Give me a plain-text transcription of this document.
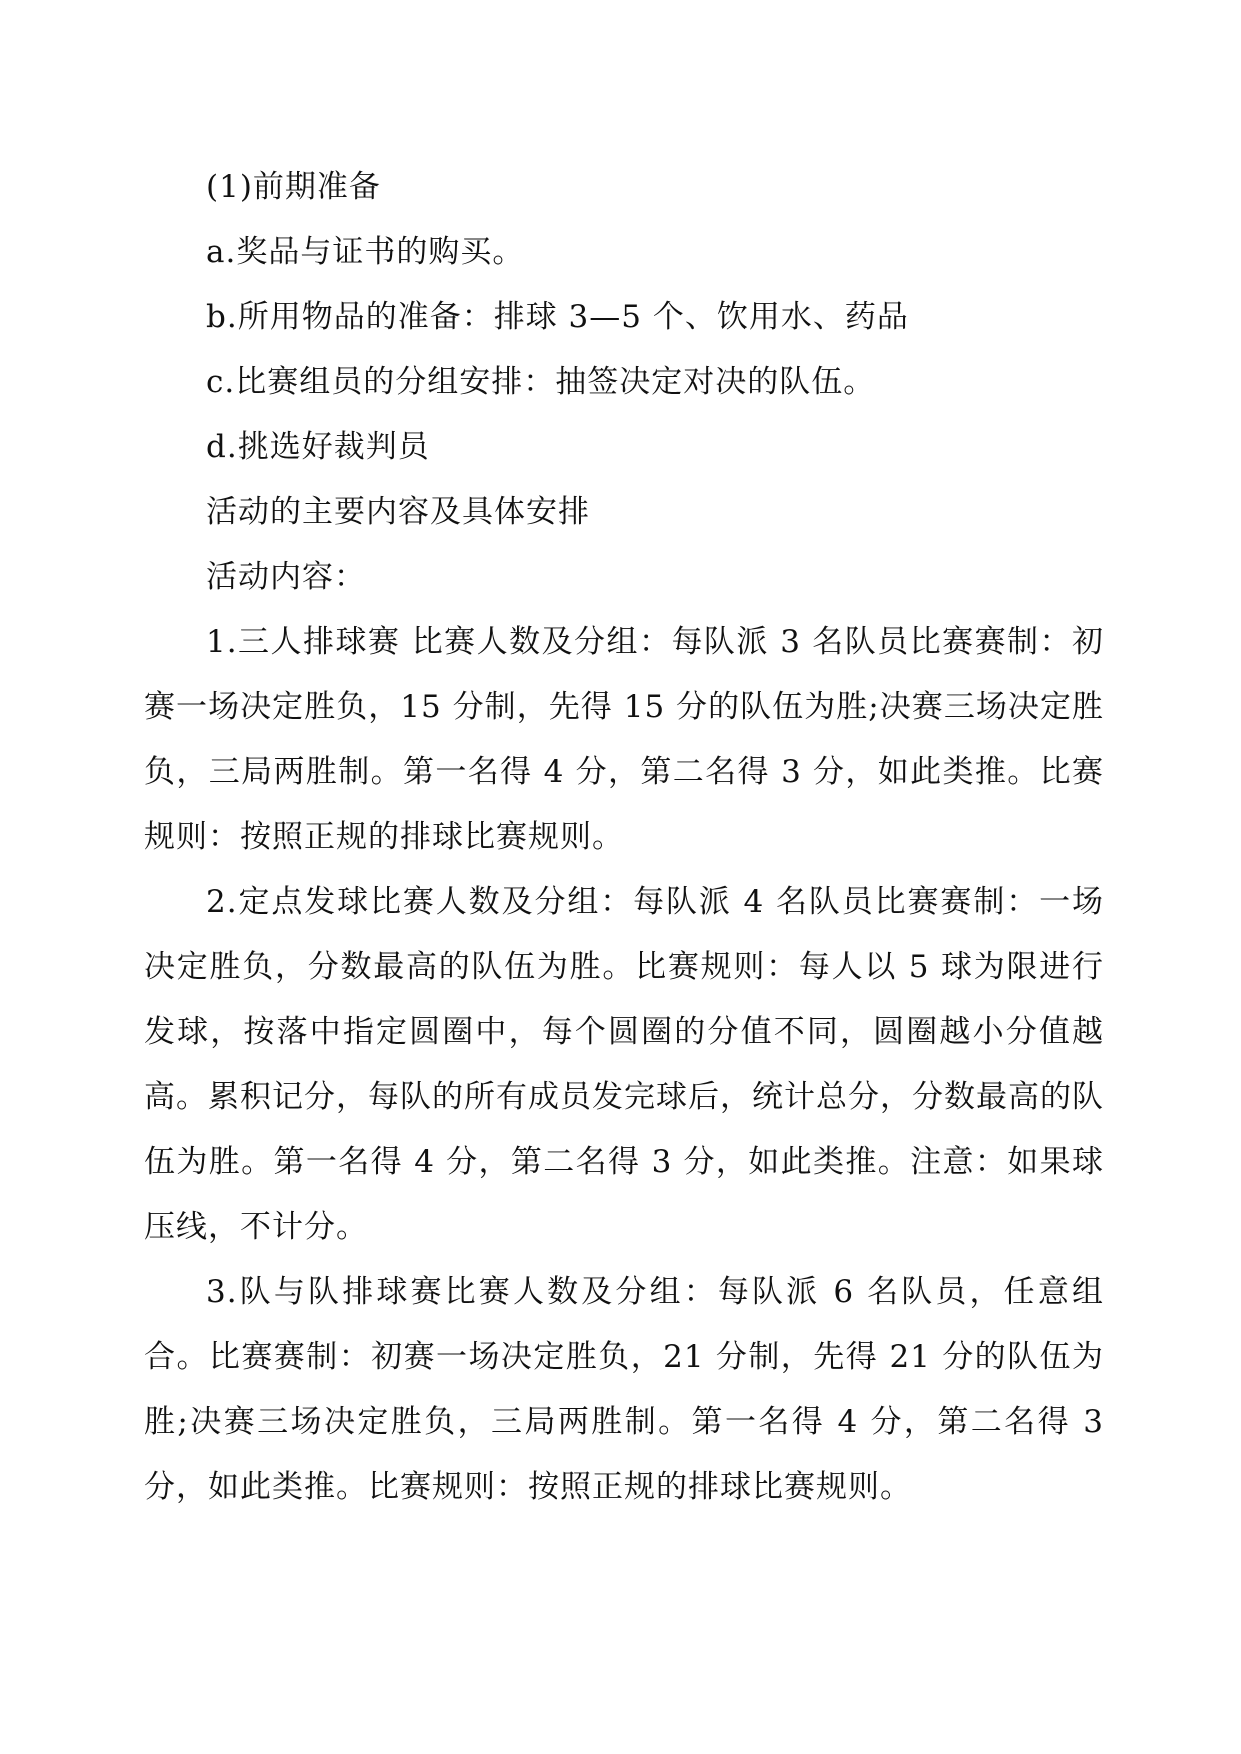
(1)前期准备

a.奖品与证书的购买。

b.所用物品的准备：排球 3—5 个、饮用水、药品

c.比赛组员的分组安排：抽签决定对决的队伍。

d.挑选好裁判员

活动的主要内容及具体安排

活动内容：

1.三人排球赛 比赛人数及分组：每队派 3 名队员比赛赛制：初赛一场决定胜负，15 分制，先得 15 分的队伍为胜;决赛三场决定胜负，三局两胜制。第一名得 4 分，第二名得 3 分，如此类推。比赛规则：按照正规的排球比赛规则。

2.定点发球比赛人数及分组：每队派 4 名队员比赛赛制：一场决定胜负，分数最高的队伍为胜。比赛规则：每人以 5 球为限进行发球，按落中指定圆圈中，每个圆圈的分值不同，圆圈越小分值越高。累积记分，每队的所有成员发完球后，统计总分，分数最高的队伍为胜。第一名得 4 分，第二名得 3 分，如此类推。注意：如果球压线，不计分。

3.队与队排球赛比赛人数及分组：每队派 6 名队员，任意组合。比赛赛制：初赛一场决定胜负，21 分制，先得 21 分的队伍为胜;决赛三场决定胜负，三局两胜制。第一名得 4 分，第二名得 3 分，如此类推。比赛规则：按照正规的排球比赛规则。
